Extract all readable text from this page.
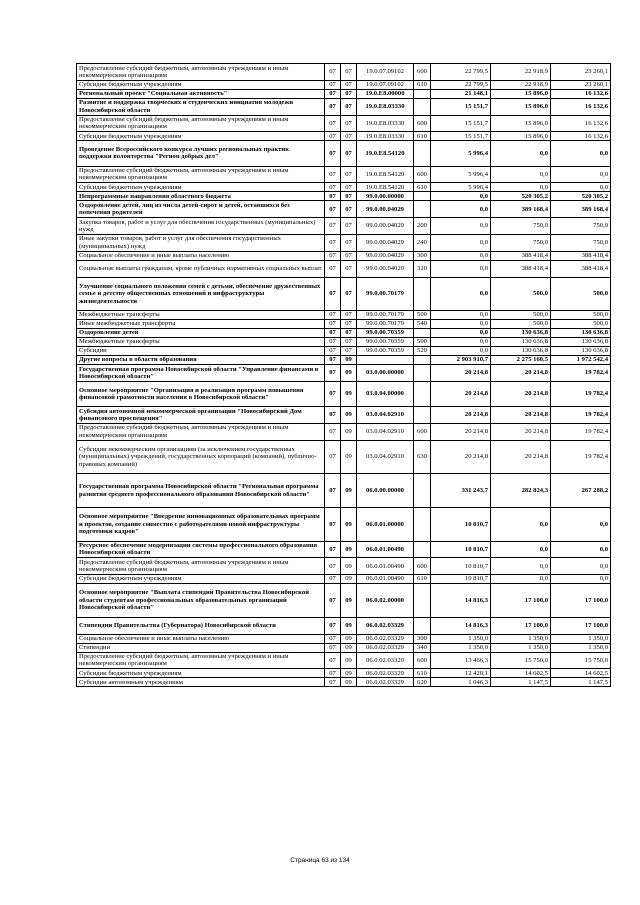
Предоставление субсидий бюджетным, автономным учреждениям и иным некоммерческим организациям	07	07	19.0.07.09102	600	22 799,5	22 918,9	23 260,1
Субсидии бюджетным учреждениям	07	07	19.0.07.09102	610	22 799,5	22 918,9	23 260,1
Региональный проект "Социальная активность"	07	07	19.0.E8.00000		21 148,1	15 896,0	16 132,6
Развитие и поддержка творческих и студенческих инициатив молодежи Новосибирской области	07	07	19.0.E8.03330		15 151,7	15 896,0	16 132,6
Предоставление субсидий бюджетным, автономным учреждениям и иным некоммерческим организациям	07	07	19.0.E8.03330	600	15 151,7	15 896,0	16 132,6
Субсидии бюджетным учреждениям	07	07	19.0.E8.03330	610	15 151,7	15 896,0	16 132,6
Проведение Всероссийского конкурса лучших региональных практик поддержки волонтерства "Регион добрых дел"	07	07	19.0.E8.54120		5 996,4	0,0	0,0
Предоставление субсидий бюджетным, автономным учреждениям и иным некоммерческим организациям	07	07	19.0.E8.54120	600	5 996,4	0,0	0,0
Субсидии бюджетным учреждениям	07	07	19.0.E8.54120	610	5 996,4	0,0	0,0
Непрограммные направления областного бюджета	07	07	99.0.00.00000		0,0	520 305,2	520 305,2
Оздоровление детей, лиц из числа детей-сирот и детей, оставшихся без попечения родителей	07	07	99.0.00.04029		0,0	389 168,4	389 168,4
Закупка товаров, работ и услуг для обеспечения государственных (муниципальных) нужд	07	07	99.0.00.04029	200	0,0	750,0	750,0
Иные закупки товаров, работ и услуг для обеспечения государственных (муниципальных) нужд	07	07	99.0.00.04029	240	0,0	750,0	750,0
Социальное обеспечение и иные выплаты населению	07	07	99.0.00.04029	300	0,0	388 418,4	388 418,4
Социальные выплаты гражданам, кроме публичных нормативных социальных выплат	07	07	99.0.00.04029	320	0,0	388 418,4	388 418,4
Улучшение социального положения семей с детьми, обеспечение дружественных семье и детству общественных отношений и инфраструктуры жизнедеятельности	07	07	99.0.00.70179		0,0	500,0	500,0
Межбюджетные трансферты	07	07	99.0.00.70179	500	0,0	500,0	500,0
Иные межбюджетные трансферты	07	07	99.0.00.70179	540	0,0	500,0	500,0
Оздоровление детей	07	07	99.0.00.70359		0,0	130 636,8	130 636,8
Межбюджетные трансферты	07	07	99.0.00.70359	500	0,0	130 636,8	130 636,8
Субсидии	07	07	99.0.00.70359	520	0,0	130 636,8	130 636,8
Другие вопросы в области образования	07	09			2 903 910,7	2 275 160,5	1 972 542,4
Государственная программа Новосибирской области "Управление финансами в Новосибирской области"	07	09	03.0.00.00000		20 214,8	20 214,8	19 782,4
Основное мероприятие "Организация и реализация программ повышения финансовой грамотности населения в Новосибирской области"	07	09	03.0.04.00000		20 214,8	20 214,8	19 782,4
Субсидия автономной некоммерческой организации "Новосибирский Дом финансового просвещения"	07	09	03.0.04.02910		20 214,8	20 214,8	19 782,4
Предоставление субсидий бюджетным, автономным учреждениям и иным некоммерческим организациям	07	09	03.0.04.02910	600	20 214,8	20 214,8	19 782,4
Субсидии некоммерческим организациям (за исключением государственных (муниципальных) учреждений, государственных корпораций (компаний), публично-правовых компаний)	07	09	03.0.04.02910	630	20 214,8	20 214,8	19 782,4
Государственная программа Новосибирской области "Региональная программа развития среднего профессионального образования Новосибирской области"	07	09	06.0.00.00000		331 243,7	282 824,3	267 288,2
Основное мероприятие "Внедрение инновационных образовательных программ и проектов, создание совместно с работодателями новой инфраструктуры подготовки кадров"	07	09	06.0.01.00000		10 810,7	0,0	0,0
Ресурсное обеспечение модернизации системы профессионального образования Новосибирской области	07	09	06.0.01.00490		10 810,7	0,0	0,0
Предоставление субсидий бюджетным, автономным учреждениям и иным некоммерческим организациям	07	09	06.0.01.00490	600	10 810,7	0,0	0,0
Субсидии бюджетным учреждениям	07	09	06.0.01.00490	610	10 810,7	0,0	0,0
Основное мероприятие "Выплата стипендий Правительства Новосибирской области студентам профессиональных образовательных организаций Новосибирской области"	07	09	06.0.02.00000		14 816,3	17 100,0	17 100,0
Стипендии Правительства (Губернатора) Новосибирской области	07	09	06.0.02.03329		14 816,3	17 100,0	17 100,0
Социальное обеспечение и иные выплаты населению	07	09	06.0.02.03329	300	1 350,0	1 350,0	1 350,0
Стипендии	07	09	06.0.02.03329	340	1 350,0	1 350,0	1 350,0
Предоставление субсидий бюджетным, автономным учреждениям и иным некоммерческим организациям	07	09	06.0.02.03329	600	13 466,3	15 750,0	15 750,0
Субсидии бюджетным учреждениям	07	09	06.0.02.03329	610	12 420,1	14 602,5	14 602,5
Субсидии автономным учреждениям	07	09	06.0.02.03329	620	1 046,3	1 147,5	1 147,5
Страница 63 из 134
